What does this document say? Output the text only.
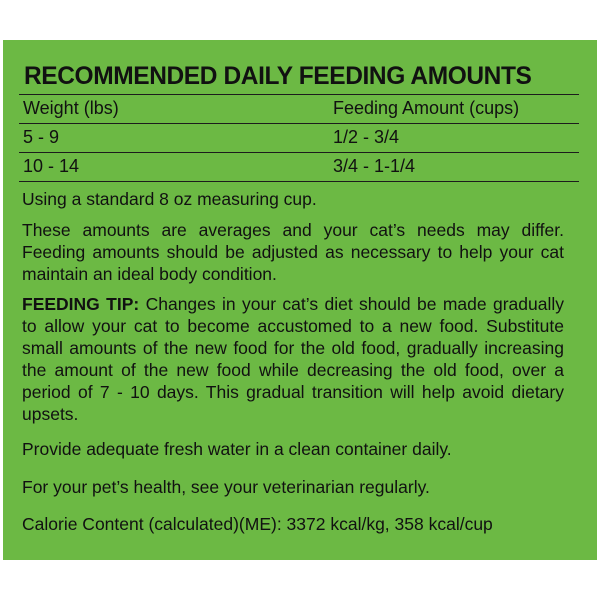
RECOMMENDED DAILY FEEDING AMOUNTS
Weight (lbs)	Feeding Amount (cups)
5 - 9	1/2 - 3/4
10 - 14	3/4 - 1-1/4

Using a standard 8 oz measuring cup.

These amounts are averages and your cat’s needs may differ. Feeding amounts should be adjusted as necessary to help your cat maintain an ideal body condition.

FEEDING TIP: Changes in your cat’s diet should be made gradually to allow your cat to become accustomed to a new food. Substitute small amounts of the new food for the old food, gradually increasing the amount of the new food while decreasing the old food, over a period of 7 - 10 days. This gradual transition will help avoid dietary upsets.

Provide adequate fresh water in a clean container daily.

For your pet’s health, see your veterinarian regularly.

Calorie Content (calculated)(ME): 3372 kcal/kg, 358 kcal/cup
